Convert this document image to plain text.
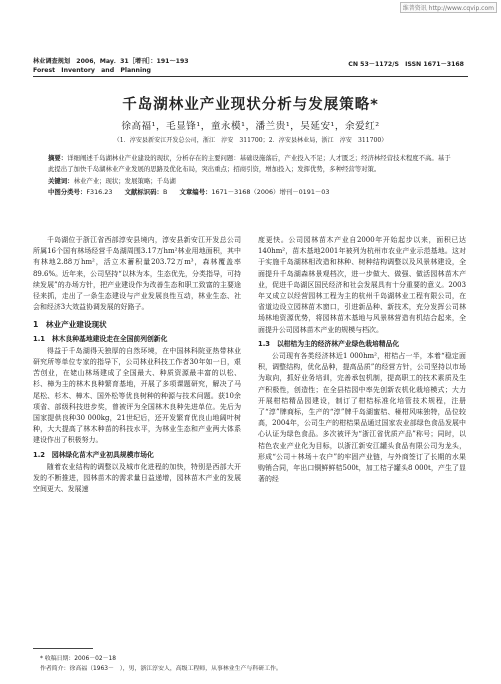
维普资讯 http://www.cqvip.com
林业调查规划　2006，May．31［增刊］：191～193
Forest　Inventory　and　Planning
CN 53－1172/S　ISSN 1671－3168
千岛湖林业产业现状分析与发展策略*
徐高福¹，毛显锋¹，童永模¹，潘兰贵¹，吴延安¹，余爱红²
（1．淳安县新安江开发总公司，浙江　淳安　311700；2．淳安县林业局，浙江　淳安　311700）
摘要：详细阐述千岛湖林业产业建设的现状，分析存在的主要问题：基础设施落后，产业投入不足；人才匮乏；经济林经营技术程度不高。基于此提出了加快千岛湖林业产业发展的思路及优化布局，突出重点；招商引资，增加投入；发挥优势，多种经营等对策。
关键词：林业产业；现状；发展策略；千岛湖
中图分类号：F316.23 文献标识码：B 文章编号：1671－3168（2006）增刊－0191－03

千岛湖位于浙江省西部淳安县境内，淳安县新安江开发总公司所属16个国有林场经营千岛湖周围3.17万hm²林业用地面积，其中有林地2.88万hm²，活立木蓄积量203.72万m³，森林覆盖率89.6%。近年来，公司坚持“以林为本，生态优先，分类指导，可持续发展”的办场方针，把产业建设作为改善生态和职工致富的主要途径来抓，走出了一条生态建设与产业发展良性互动，林业生态、社会和经济3大效益协调发展的好路子。

1　林业产业建设现状
1.1　林木良种基地建设走在全国前列创新化

得益于千岛湖得天独厚的自然环境，在中国林科院亚热带林业研究所等单位专家的指导下，公司林业科技工作者30年如一日，艰苦创业，在姥山林场建成了全国最大、种质资源最丰富的以松、杉、樟为主的林木良种繁育基地，开展了多项课题研究，解决了马尾松、杉木、樟木、国外松等优良树种的种源与技术问题。获10余项省、部级科技进步奖，曾被评为全国林木良种先进单位。先后为国家提供良种30 000kg，21世纪后，还开发繁育优良山地阔叶树种，大大提高了林木种苗的科技水平，为林业生态和产业两大体系建设作出了积极努力。

1.2　园林绿化苗木产业初具规模市场化

随着农业结构的调整以及城市化进程的加快，特别是西部大开发的不断推进，园林苗木的需求量日益递增，园林苗木产业的发展空间更大、发展速

度更快。公司园林苗木产业自2000年开始起步以来，面积已达140hm²，苗木基地2001年被列为杭州市农业产业示范基地。这对于实施千岛湖林相改造和林种、树种结构调整以及风景林建设，全面提升千岛湖森林景观档次，进一步做大、做强、做活园林苗木产业，促进千岛湖区国民经济和社会发展具有十分重要的意义。2003年又成立以经营园林工程为主的杭州千岛湖林业工程有限公司，在省道边设立园林苗木窗口，引进新品种、新技术，充分发挥公司林场林地资源优势，将园林苗木基地与风景林营造有机结合起来，全面提升公司园林苗木产业的规模与档次。

1.3　以柑桔为主的经济林产业绿色栽培精品化

公司现有各类经济林近1 000hm²，柑桔占一半，本着“稳定面积，调整结构，优化品种，提高品质”的经营方针，公司坚持以市场为取向，抓好业务培训，完善承包机制，提高职工的技术素质及生产积极性，创造性；在全县桔园中率先创新农机化栽培模式；大力开展柑桔精品园建设，制订了柑桔标准化培管技术规程，注册了“淳”牌商标，生产的“淳”牌千岛湖蜜桔、椪柑风味独特，品位较高，2004年，公司生产的柑桔果品通过国家农业部绿色食品发展中心认证为绿色食品。多次被评为“浙江省优质产品”称号；同时，以桔色农业产业化为目标，以浙江新安江罐头食品有限公司为龙头，形成“公司＋林场＋农户”的牢固产业链，与外商签订了长期的水果购销合同，年出口铜鲜鲜桔500t，加工桔子罐头8 000t，产生了显著的经

* 收稿日期：2006－02－18
作者简介：徐高福（1963－　），男，浙江淳安人，高级工程师，从事林业生产与科研工作。
